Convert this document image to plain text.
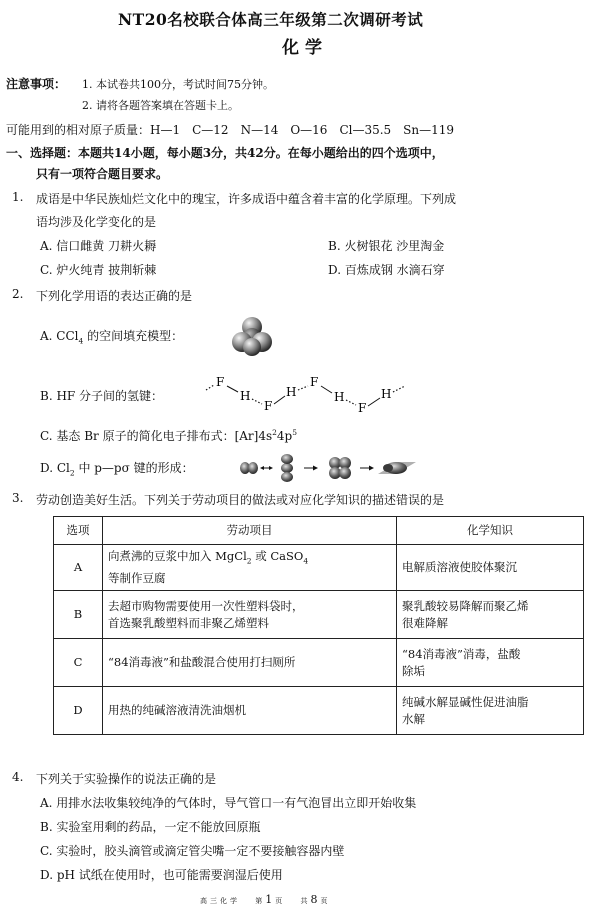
NT20名校联合体高三年级第二次调研考试
化学
注意事项： 1. 本试卷共100分，考试时间75分钟。
2. 请将各题答案填在答题卡上。
可能用到的相对原子质量：H—1　C—12　N—14　O—16　Cl—35.5　Sn—119
一、选择题：本题共14小题，每小题3分，共42分。在每小题给出的四个选项中，
只有一项符合题目要求。
1. 成语是中华民族灿烂文化中的瑰宝，许多成语中蕴含着丰富的化学原理。下列成
语均涉及化学变化的是
A. 信口雌黄 刀耕火耨	B. 火树银花 沙里淘金
C. 炉火纯青 披荆斩棘	D. 百炼成钢 水滴石穿
2. 下列化学用语的表达正确的是
A. CCl$_4$ 的空间填充模型：
B. HF 分子间的氢键：
F
H
F
H
F
H
F
H
C. 基态 Br 原子的简化电子排布式：$[Ar]4s^24p^5$
D. $Cl_2$ 中 p—pσ 键的形成：
3. 劳动创造美好生活。下列关于劳动项目的做法或对应化学知识的描述错误的是
选项	劳动项目	化学知识
A	向煮沸的豆浆中加入 MgCl$_2$ 或 CaSO$_4$
等制作豆腐	电解质溶液使胶体聚沉
B	去超市购物需要使用一次性塑料袋时，
首选聚乳酸塑料而非聚乙烯塑料	聚乳酸较易降解而聚乙烯
很难降解
C	“84消毒液”和盐酸混合使用打扫厕所	“84消毒液”消毒，盐酸
除垢
D	用热的纯碱溶液清洗油烟机	纯碱水解显碱性促进油脂
水解
4. 下列关于实验操作的说法正确的是
A. 用排水法收集较纯净的气体时，导气管口一有气泡冒出立即开始收集
B. 实验室用剩的药品，一定不能放回原瓶
C. 实验时，胶头滴管或滴定管尖嘴一定不要接触容器内壁
D. pH 试纸在使用时，也可能需要润湿后使用
高三化学 第1页 共8页
